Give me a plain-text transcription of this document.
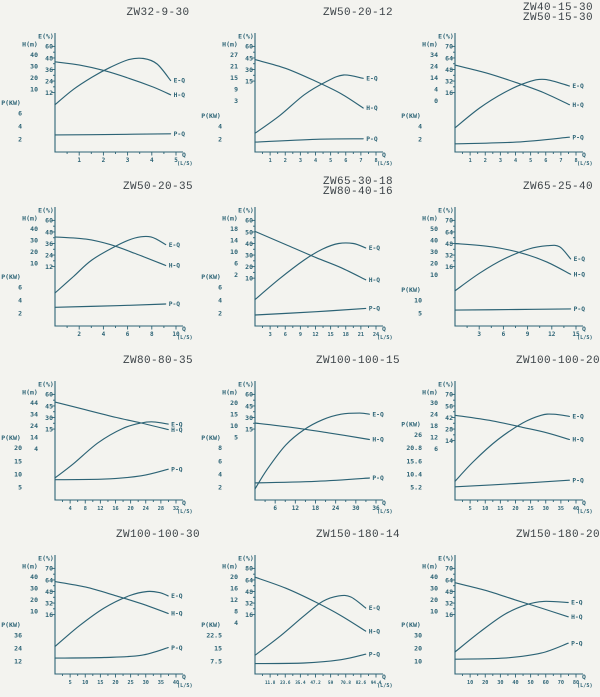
ZW32-9-30
60
48
36
24
12
E(%)
40
30
20
10
H(m)
6
4
2
P(KW)
1	2	3	4	5
Q
(L/S)
H-Q
E-Q
P-Q
ZW50-20-12
60
45
30
15
E(%)
27
21
15
9
3
H(m)
4
2
P(KW)
1 2 3 4 5 6 7 8
Q
(L/S)
H-Q
E-Q
P-Q
ZW40-15-30
ZW50-15-30
70
64
48
32
16
E(%)
34
24
14
4
0
H(m)
4
2
P(KW)
1 2 3 4 5 6 7 8
Q
(L/S)
H-Q
E-Q
P-Q
ZW50-20-35
60
48
36
24
12
E(%)
40
30
20
10
H(m)
6
4
2
P(KW)
2	4	6	8	10
Q
(L/S)
H-Q
E-Q
P-Q
ZW65-30-18
ZW80-40-16
60
50
40
30
20
10
E(%)
18
14
10
6
2
H(m)
6
4
2
P(KW)
3 6 9 12 15 18 21 24
Q
(L/S)
H-Q
E-Q
P-Q
ZW65-25-40
70
64
48
32
16
E(%)
50
40
30
20
10
H(m)
10
5
P(KW)
3	6	9	12	15
Q
(L/S)
H-Q
E-Q
P-Q
ZW80-80-35
60
45
30
15
E(%)
44
34
24
14
4
H(m)
20
15
10
5
P(KW)
4 8 12 16 20 24 28 32
Q
(L/S)
H-Q
E-Q
P-Q
ZW100-100-15
60
45
30
15
E(%)
20
15
10
5
H(m)
8
6
4
2
P(KW)
6 12 18 24 30 36
Q
(L/S)
H-Q
E-Q
P-Q
ZW100-100-20
70
56
42
28
14
E(%)
30
24
18
12
6
H(m)
26
20.8
15.6
10.4
5.2
P(KW)
5 10 15 20 25 30 35 40
Q
(L/S)
H-Q
E-Q
P-Q
ZW100-100-30
70
64
48
32
16
E(%)
40
30
20
10
H(m)
36
24
12
P(KW)
5 10 15 20 25 30 35 40
Q
(L/S)
H-Q
E-Q
P-Q
ZW150-180-14
80
64
48
32
16
E(%)
20
16
12
8
4
H(m)
22.5
15
7.5
P(KW)
11.8 23.6 35.4 47.2 59 70.8 82.6 94.4
Q
(L/S)
H-Q
E-Q
P-Q
ZW150-180-20
70
64
48
32
16
E(%)
40
30
20
10
H(m)
30
20
10
P(KW)
10 20 30 40 50 60 70 80
Q
(L/S)
H-Q
E-Q
P-Q
